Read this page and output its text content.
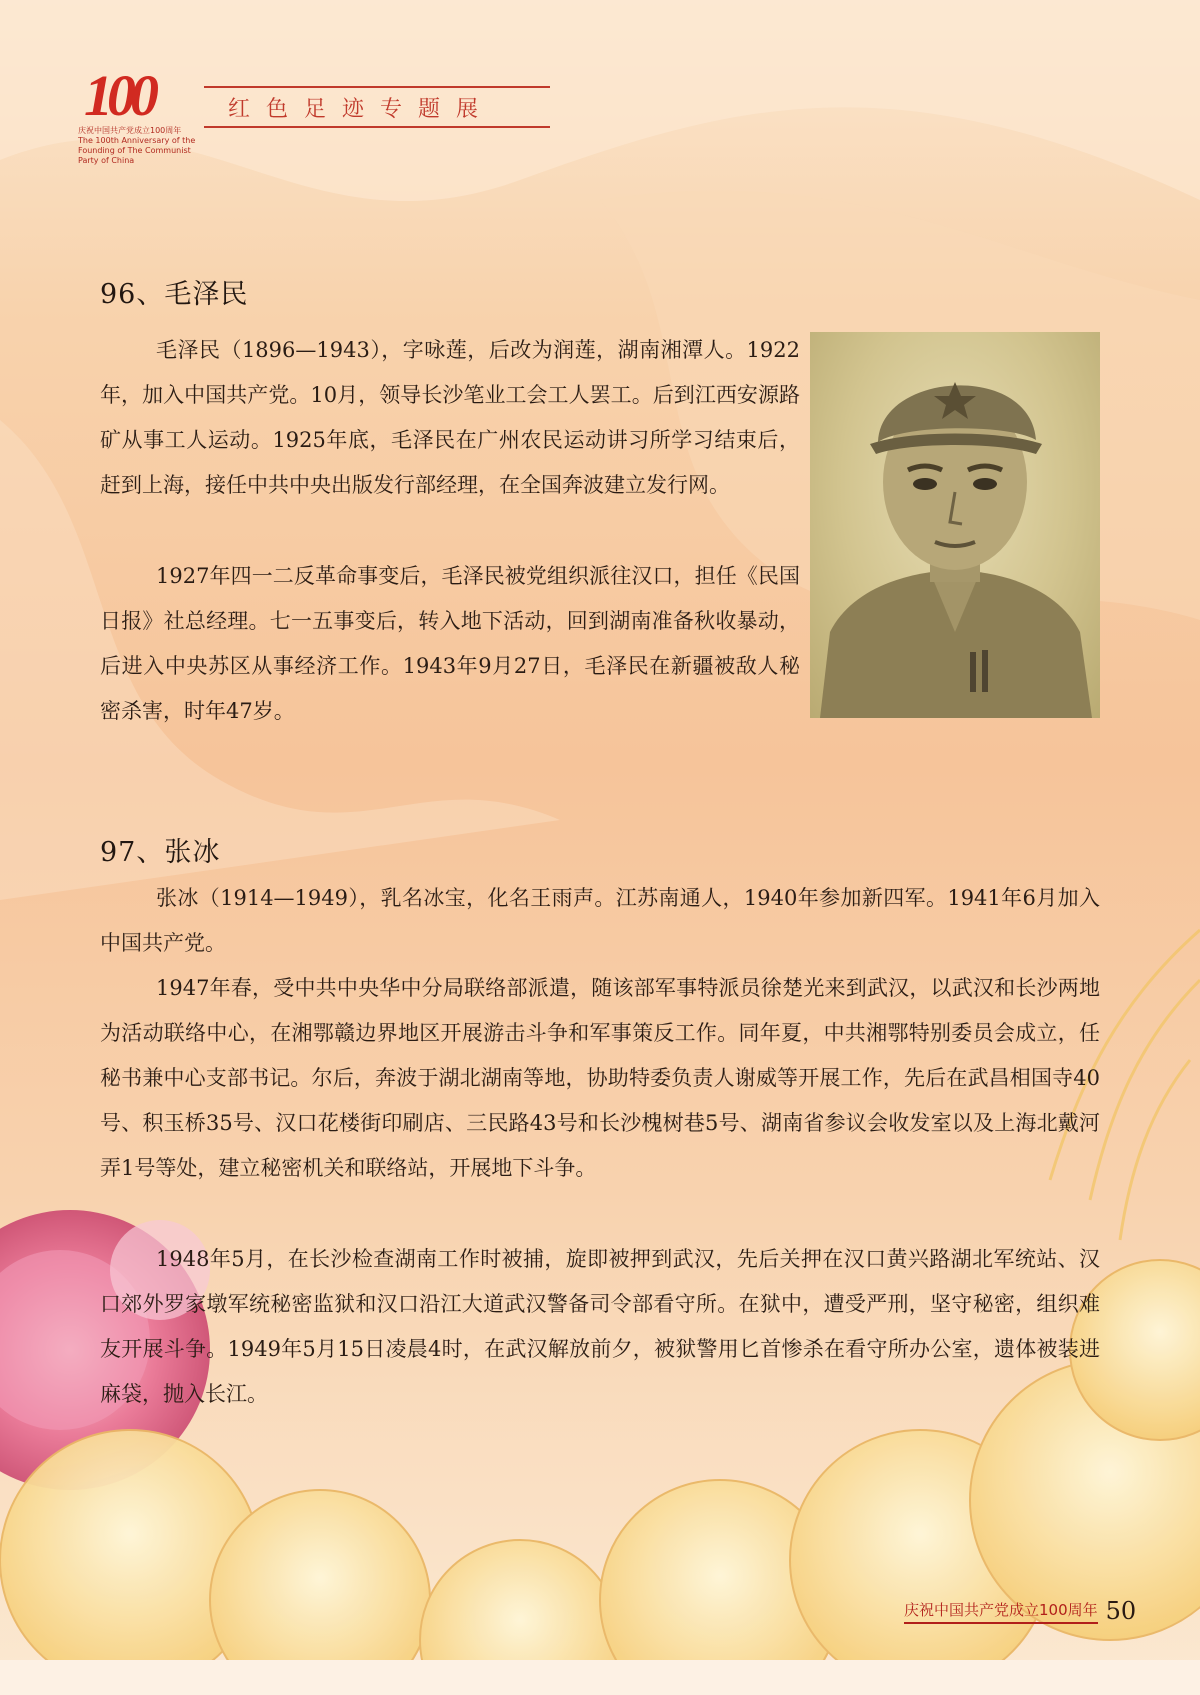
100
庆祝中国共产党成立100周年 The 100th Anniversary of the Founding of The Communist Party of China
红色足迹专题展
96、毛泽民

毛泽民（1896—1943），字咏莲，后改为润莲，湖南湘潭人。1922年，加入中国共产党。10月，领导长沙笔业工会工人罢工。后到江西安源路矿从事工人运动。1925年底，毛泽民在广州农民运动讲习所学习结束后，赶到上海，接任中共中央出版发行部经理，在全国奔波建立发行网。

1927年四一二反革命事变后，毛泽民被党组织派往汉口，担任《民国日报》社总经理。七一五事变后，转入地下活动，回到湖南准备秋收暴动，后进入中央苏区从事经济工作。1943年9月27日，毛泽民在新疆被敌人秘密杀害，时年47岁。

97、张冰

张冰（1914—1949），乳名冰宝，化名王雨声。江苏南通人，1940年参加新四军。1941年6月加入中国共产党。

1947年春，受中共中央华中分局联络部派遣，随该部军事特派员徐楚光来到武汉，以武汉和长沙两地为活动联络中心，在湘鄂赣边界地区开展游击斗争和军事策反工作。同年夏，中共湘鄂特别委员会成立，任秘书兼中心支部书记。尔后，奔波于湖北湖南等地，协助特委负责人谢威等开展工作，先后在武昌相国寺40号、积玉桥35号、汉口花楼街印刷店、三民路43号和长沙槐树巷5号、湖南省参议会收发室以及上海北戴河弄1号等处，建立秘密机关和联络站，开展地下斗争。

1948年5月，在长沙检查湖南工作时被捕，旋即被押到武汉，先后关押在汉口黄兴路湖北军统站、汉口郊外罗家墩军统秘密监狱和汉口沿江大道武汉警备司令部看守所。在狱中，遭受严刑，坚守秘密，组织难友开展斗争。1949年5月15日凌晨4时，在武汉解放前夕，被狱警用匕首惨杀在看守所办公室，遗体被装进麻袋，抛入长江。

庆祝中国共产党成立100周年 50
